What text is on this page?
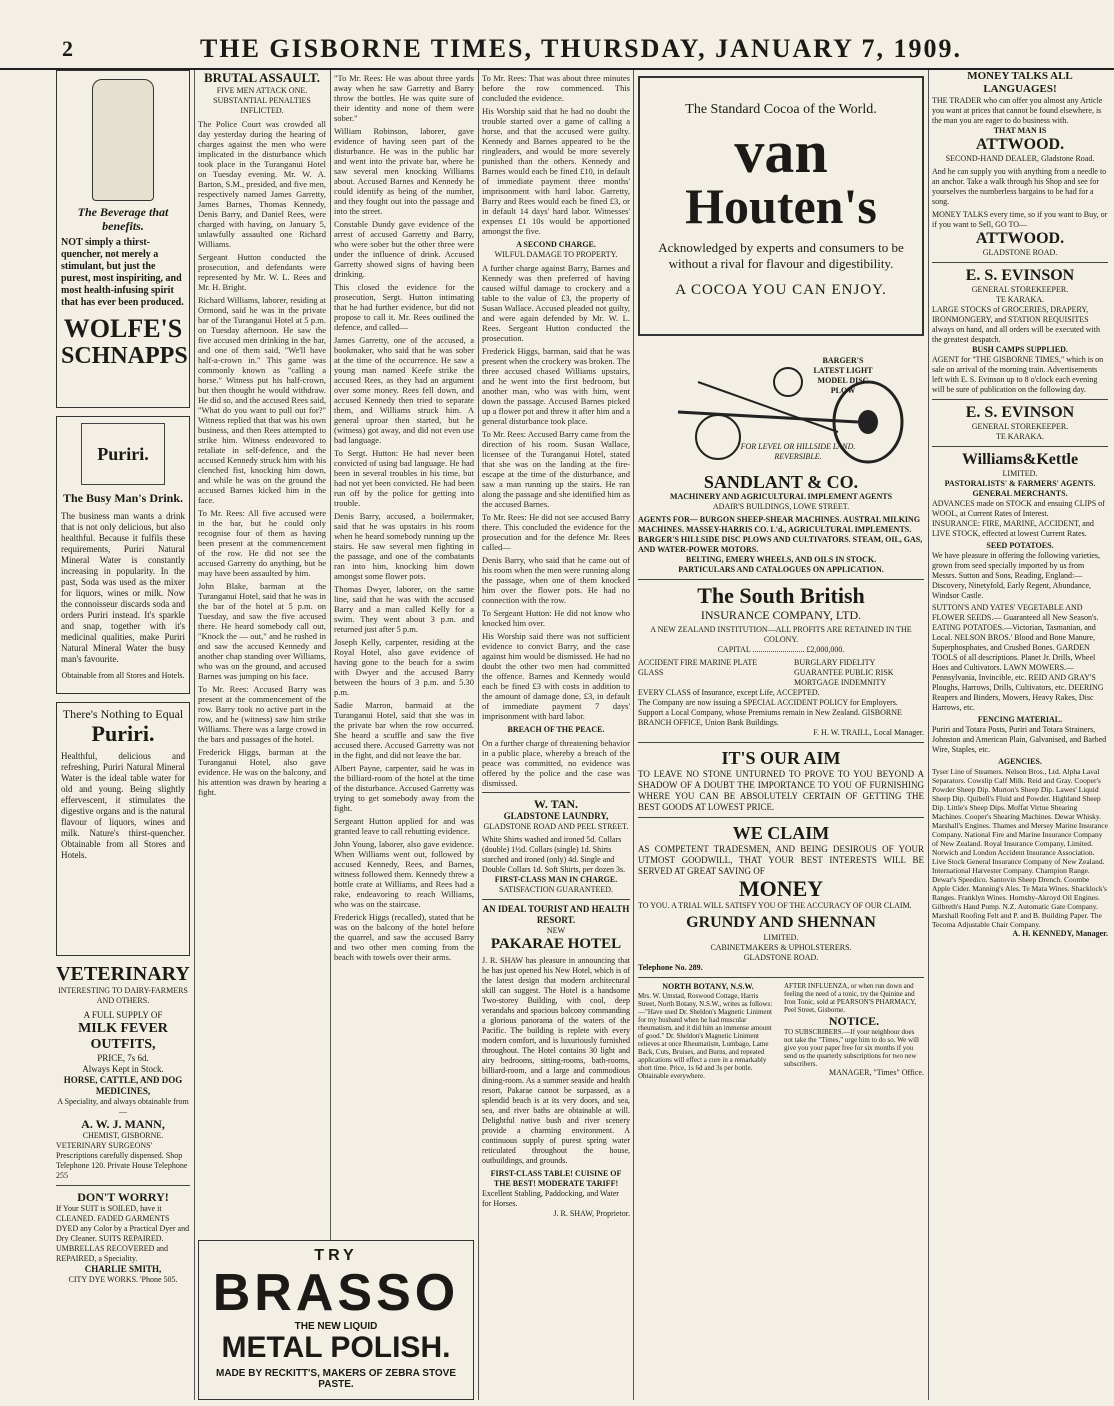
2	THE GISBORNE TIMES, THURSDAY, JANUARY 7, 1909.
The Beverage that benefits.
NOT simply a thirst-quencher, not merely a stimulant, but just the purest, most inspiriting, and most health-infusing spirit that has ever been produced.
WOLFE'S
SCHNAPPS
Puriri.
The Busy Man's Drink.
The business man wants a drink that is not only delicious, but also healthful. Because it fulfils these requirements, Puriri Natural Mineral Water is constantly increasing in popularity. In the past, Soda was used as the mixer for liquors, wines or milk. Now the connoisseur discards soda and orders Puriri instead. It's sparkle and snap, together with it's medicinal qualities, make Puriri Natural Mineral Water the busy man's favourite.
Obtainable from all Stores and Hotels.
There's Nothing to Equal
Puriri.
Healthful, delicious and refreshing, Puriri Natural Mineral Water is the ideal table water for old and young. Being slightly effervescent, it stimulates the digestive organs and is the natural flavour of liquors, wines and milk. Nature's thirst-quencher. Obtainable from all Stores and Hotels.
VETERINARY
INTERESTING TO DAIRY-FARMERS AND OTHERS.
A FULL SUPPLY OF
MILK FEVER OUTFITS,
PRICE, 7s 6d.
Always Kept in Stock.
HORSE, CATTLE, AND DOG MEDICINES,
A Speciality, and always obtainable from—
A. W. J. MANN,
CHEMIST, GISBORNE.
VETERINARY SURGEONS' Prescriptions carefully dispensed. Shop Telephone 120. Private House Telephone 255
DON'T WORRY!
If Your SUIT is SOILED, have it CLEANED. FADED GARMENTS DYED any Color by a Practical Dyer and Dry Cleaner. SUITS REPAIRED. UMBRELLAS RECOVERED and REPAIRED, a Speciality.
CHARLIE SMITH,
CITY DYE WORKS. 'Phone 505.
BRUTAL ASSAULT.
FIVE MEN ATTACK ONE.
SUBSTANTIAL PENALTIES INFLICTED.

The Police Court was crowded all day yesterday during the hearing of charges against the men who were implicated in the disturbance which took place in the Turanganui Hotel on Tuesday evening. Mr. W. A. Barton, S.M., presided, and five men, respectively named James Garretty, James Barnes, Thomas Kennedy, Denis Barry, and Daniel Rees, were charged with having, on January 5, unlawfully assaulted one Richard Williams.

Sergeant Hutton conducted the prosecution, and defendants were represented by Mr. W. L. Rees and Mr. H. Bright.

Richard Williams, laborer, residing at Ormond, said he was in the private bar of the Turanganui Hotel at 5 p.m. on Tuesday afternoon. He saw the five accused men drinking in the bar, and one of them said, "We'll have half-a-crown in." This game was commonly known as "calling a horse." Witness put his half-crown, but then thought he would withdraw. He did so, and the accused Rees said, "What do you want to pull out for?" Witness replied that that was his own business, and then Rees attempted to strike him. Witness endeavored to retaliate in self-defence, and the accused Kennedy struck him with his clenched fist, knocking him down, and while he was on the ground the accused Barnes kicked him in the face.

To Mr. Rees: All five accused were in the bar, but he could only recognise four of them as having been present at the commencement of the row. He did not see the accused Garretty do anything, but he may have been assaulted by him.

John Blake, barman at the Turanganui Hotel, said that he was in the bar of the hotel at 5 p.m. on Tuesday, and saw the five accused there. He heard somebody call out, "Knock the — out," and he rushed in and saw the accused Kennedy and another chap standing over Williams, who was on the ground, and accused Barnes was jumping on his face.

To Mr. Rees: Accused Barry was present at the commencement of the row. Barry took no active part in the row, and he (witness) saw him strike Williams. There was a large crowd in the bars and passages of the hotel.

Frederick Higgs, barman at the Turanganui Hotel, also gave evidence. He was on the balcony, and his attention was drawn by hearing a fight.

"To Mr. Rees: He was about three yards away when he saw Garretty and Barry throw the bottles. He was quite sure of their identity and none of them were sober."

William Robinson, laborer, gave evidence of having seen part of the disturbance. He was in the public bar and went into the private bar, where he saw several men knocking Williams about. Accused Barnes and Kennedy he could identify as being of the number, and they fought out into the passage and into the street.

Constable Dundy gave evidence of the arrest of accused Garretty and Barry, who were sober but the other three were under the influence of drink. Accused Garretty showed signs of having been drinking.

This closed the evidence for the prosecution, Sergt. Hutton intimating that he had further evidence, but did not propose to call it. Mr. Rees outlined the defence, and called—

James Garretty, one of the accused, a bookmaker, who said that he was sober at the time of the occurrence. He saw a young man named Keefe strike the accused Rees, as they had an argument over some money. Rees fell down, and accused Kennedy then tried to separate them, and Williams struck him. A general uproar then started, but he (witness) got away, and did not even use bad language.

To Sergt. Hutton: He had never been convicted of using bad language. He had been in several troubles in his time, but had not yet been convicted. He had been run off by the police for getting into trouble.

Denis Barry, accused, a boilermaker, said that he was upstairs in his room when he heard somebody running up the stairs. He saw several men fighting in the passage, and one of the combatants ran into him, knocking him down amongst some flower pots.

Thomas Dwyer, laborer, on the same line, said that he was with the accused Barry and a man called Kelly for a swim. They went about 3 p.m. and returned just after 5 p.m.

Joseph Kelly, carpenter, residing at the Royal Hotel, also gave evidence of having gone to the beach for a swim with Dwyer and the accused Barry between the hours of 3 p.m. and 5.30 p.m.

Sadie Marron, barmaid at the Turanganui Hotel, said that she was in the private bar when the row occurred. She heard a scuffle and saw the five accused there. Accused Garretty was not in the fight, and did not leave the bar.

Albert Payne, carpenter, said he was in the billiard-room of the hotel at the time of the disturbance. Accused Garretty was trying to get somebody away from the fight.

Sergeant Hutton applied for and was granted leave to call rebutting evidence.

John Young, laborer, also gave evidence. When Williams went out, followed by accused Kennedy, Rees, and Barnes, witness followed them. Kennedy threw a bottle crate at Williams, and Rees had a rake, endeavoring to reach Williams, who was on the staircase.

Frederick Higgs (recalled), stated that he was on the balcony of the hotel before the quarrel, and saw the accused Barry and two other men coming from the beach with towels over their arms.

TRY
BRASSO
THE NEW LIQUID
METAL POLISH.
MADE BY RECKITT'S, MAKERS OF ZEBRA STOVE PASTE.

To Mr. Rees: That was about three minutes before the row commenced. This concluded the evidence.

His Worship said that he had no doubt the trouble started over a game of calling a horse, and that the accused were guilty. Kennedy and Barnes appeared to be the ringleaders, and would be more severely punished than the others. Kennedy and Barnes would each be fined £10, in default of immediate payment three months' imprisonment with hard labor. Garretty, Barry and Rees would each be fined £3, or in default 14 days' hard labor. Witnesses' expenses £1 10s would be apportioned amongst the five.

A SECOND CHARGE.
WILFUL DAMAGE TO PROPERTY.

A further charge against Barry, Barnes and Kennedy was then preferred of having caused wilful damage to crockery and a table to the value of £3, the property of Susan Wallace. Accused pleaded not guilty, and were again defended by Mr. W. L. Rees. Sergeant Hutton conducted the prosecution.

Frederick Higgs, barman, said that he was present when the crockery was broken. The three accused chased Williams upstairs, and he went into the first bedroom, but another man, who was with him, went down the passage. Accused Barnes picked up a flower pot and threw it after him and a general disturbance took place.

To Mr. Rees: Accused Barry came from the direction of his room. Susan Wallace, licensee of the Turanganui Hotel, stated that she was on the landing at the fire-escape at the time of the disturbance, and saw a man running up the stairs. He ran along the passage and she identified him as the accused Barnes.

To Mr. Rees: He did not see accused Barry there. This concluded the evidence for the prosecution and for the defence Mr. Rees called—

Denis Barry, who said that he came out of his room when the men were running along the passage, when one of them knocked him over the flower pots. He had no connection with the row.

To Sergeant Hutton: He did not know who knocked him over.

His Worship said there was not sufficient evidence to convict Barry, and the case against him would be dismissed. He had no doubt the other two men had committed the offence. Barnes and Kennedy would each be fined £3 with costs in addition to the amount of damage done, £3, in default of immediate payment 7 days' imprisonment with hard labor.

BREACH OF THE PEACE.

On a further charge of threatening behavior in a public place, whereby a breach of the peace was committed, no evidence was offered by the police and the case was dismissed.

W. TAN.
GLADSTONE LAUNDRY,
GLADSTONE ROAD AND PEEL STREET.
White Shirts washed and ironed 5d. Collars (double) 1½d. Collars (single) 1d. Shirts starched and ironed (only) 4d. Single and Double Collars 1d. Soft Shirts, per dozen 3s.
FIRST-CLASS MAN IN CHARGE.
SATISFACTION GUARANTEED.
AN IDEAL TOURIST AND HEALTH RESORT.
NEW
PAKARAE HOTEL
J. R. SHAW has pleasure in announcing that he has just opened his New Hotel, which is of the latest design that modern architectural skill can suggest. The Hotel is a handsome Two-storey Building, with cool, deep verandahs and spacious balcony commanding a glorious panorama of the waters of the Pacific. The building is replete with every modern comfort, and is luxuriously furnished throughout. The Hotel contains 30 light and airy bedrooms, sitting-rooms, bath-rooms, billiard-room, and a large and commodious dining-room. As a summer seaside and health resort, Pakarae cannot be surpassed, as a splendid beach is at its very doors, and sea, sea, and river baths are obtainable at will. Delightful native bush and river scenery provide a charming environment. A continuous supply of purest spring water reticulated throughout the house, outbuildings, and grounds.
FIRST-CLASS TABLE! CUISINE OF THE BEST! MODERATE TARIFF!
Excellent Stabling, Paddocking, and Water for Horses.
J. R. SHAW, Proprietor.
The Standard Cocoa of the World.
van
Houten's
Acknowledged by experts and consumers to be without a rival for flavour and digestibility.
A COCOA YOU CAN ENJOY.
BARGER'S LATEST LIGHT MODEL DISC PLOW
FOR LEVEL OR HILLSIDE LAND. REVERSIBLE.
SANDLANT & CO.
MACHINERY AND AGRICULTURAL IMPLEMENT AGENTS
ADAIR'S BUILDINGS, LOWE STREET.
AGENTS FOR— BURGON SHEEP-SHEAR MACHINES. AUSTRAL MILKING MACHINES. MASSEY-HARRIS CO. L'd., AGRICULTURAL IMPLEMENTS. BARGER'S HILLSIDE DISC PLOWS AND CULTIVATORS. STEAM, OIL, GAS, AND WATER-POWER MOTORS.
BELTING, EMERY WHEELS, AND OILS IN STOCK.
PARTICULARS AND CATALOGUES ON APPLICATION.
The South British
INSURANCE COMPANY, LTD.
A NEW ZEALAND INSTITUTION—ALL PROFITS ARE RETAINED IN THE COLONY.
CAPITAL .......................... £2,000,000.
ACCIDENT FIRE MARINE PLATE GLASS
BURGLARY FIDELITY GUARANTEE PUBLIC RISK MORTGAGE INDEMNITY
EVERY CLASS of Insurance, except Life, ACCEPTED.
The Company are now issuing a SPECIAL ACCIDENT POLICY for Employers. Support a Local Company, whose Premiums remain in New Zealand. GISBORNE BRANCH OFFICE, Union Bank Buildings.
F. H. W. TRAILL, Local Manager.
IT'S OUR AIM
TO LEAVE NO STONE UNTURNED TO PROVE TO YOU BEYOND A SHADOW OF A DOUBT THE IMPORTANCE TO YOU OF FURNISHING WHERE YOU CAN BE ABSOLUTELY CERTAIN OF GETTING THE BEST GOODS AT LOWEST PRICE.
WE CLAIM
AS COMPETENT TRADESMEN, AND BEING DESIROUS OF YOUR UTMOST GOODWILL, THAT YOUR BEST INTERESTS WILL BE SERVED AT GREAT SAVING OF
MONEY
TO YOU. A TRIAL WILL SATISFY YOU OF THE ACCURACY OF OUR CLAIM.
GRUNDY AND SHENNAN
LIMITED.
CABINETMAKERS & UPHOLSTERERS.
GLADSTONE ROAD.
Telephone No. 289.
NORTH BOTANY, N.S.W.
Mrs. W. Umstad, Roswood Cottage, Harris Street, North Botany, N.S.W., writes as follows:—"Have used Dr. Sheldon's Magnetic Liniment for my husband when he had muscular rheumatism, and it did him an immense amount of good." Dr. Sheldon's Magnetic Liniment relieves at once Rheumatism, Lumbago, Lame Back, Cuts, Bruises, and Burns, and repeated applications will effect a cure in a remarkably short time. Price, 1s 6d and 3s per bottle. Obtainable everywhere.
AFTER INFLUENZA, or when run down and feeling the need of a tonic, try the Quinine and Iron Tonic, sold at PEARSON'S PHARMACY, Peel Street, Gisborne.
NOTICE.
TO SUBSCRIBERS.—If your neighbour does not take the "Times," urge him to do so. We will give you your paper free for six months if you send us the quarterly subscriptions for two new subscribers.
MANAGER, "Times" Office.
MONEY TALKS ALL LANGUAGES!
THE TRADER who can offer you almost any Article you want at prices that cannot be found elsewhere, is the man you are eager to do business with.
THAT MAN IS
ATTWOOD.
SECOND-HAND DEALER, Gladstone Road.
And he can supply you with anything from a needle to an anchor. Take a walk through his Shop and see for yourselves the numberless bargains to be had for a song.
MONEY TALKS every time, so if you want to Buy, or if you want to Sell, GO TO—
ATTWOOD.
GLADSTONE ROAD.
E. S. EVINSON
GENERAL STOREKEEPER.
TE KARAKA.
LARGE STOCKS of GROCERIES, DRAPERY, IRONMONGERY, and STATION REQUISITES always on hand, and all orders will be executed with the greatest despatch.
BUSH CAMPS SUPPLIED.
AGENT for "THE GISBORNE TIMES," which is on sale on arrival of the morning train. Advertisements left with E. S. Evinson up to 8 o'clock each evening will be sure of publication on the following day.
E. S. EVINSON
GENERAL STOREKEEPER.
TE KARAKA.
Williams&Kettle
LIMITED.
PASTORALISTS' & FARMERS' AGENTS.
GENERAL MERCHANTS.
ADVANCES made on STOCK and ensuing CLIPS of WOOL, at Current Rates of Interest.
INSURANCE: FIRE, MARINE, ACCIDENT, and LIVE STOCK, effected at lowest Current Rates.
SEED POTATOES.
We have pleasure in offering the following varieties, grown from seed specially imported by us from Messrs. Sutton and Sons, Reading, England:— Discovery, Ninetyfold, Early Regent, Abundance, Windsor Castle.
SUTTON'S AND YATES' VEGETABLE AND FLOWER SEEDS.— Guaranteed all New Season's. EATING POTATOES.—Victorian, Tasmanian, and Local. NELSON BROS.' Blood and Bone Manure, Superphosphates, and Crushed Bones. GARDEN TOOLS of all descriptions. Planet Jr. Drills, Wheel Hoes and Cultivators. LAWN MOWERS.—Pennsylvania, Invincible, etc. REID AND GRAY'S Ploughs, Harrows, Drills, Cultivators, etc. DEERING Reapers and Binders, Mowers, Heavy Rakes, Disc Harrows, etc.
FENCING MATERIAL.
Puriri and Totara Posts, Puriri and Totara Strainers, Johnston and American Plain, Galvanised, and Barbed Wire, Staples, etc.
AGENCIES.
Tyser Line of Steamers. Nelson Bros., Ltd. Alpha Laval Separators. Cowslip Calf Milk. Reid and Gray. Cooper's Powder Sheep Dip. Murton's Sheep Dip. Lawes' Liquid Sheep Dip. Quibell's Fluid and Powder. Highland Sheep Dip. Little's Sheep Dips. Moffat Virtue Shearing Machines. Cooper's Shearing Machines. Dewar Whisky. Marshall's Engines. Thames and Mersey Marine Insurance Company. National Fire and Marine Insurance Company of New Zealand. Royal Insurance Company, Limited. Norwich and London Accident Insurance Association. Live Stock General Insurance Company of New Zealand. International Harvester Company. Champion Range. Dewar's Speedico. Santovin Sheep Drench. Coombe Apple Cider. Manning's Ales. Te Mata Wines. Shacklock's Ranges. Franklyn Wines. Hornsby-Akroyd Oil Engines. Gilbreth's Hand Pump. N.Z. Automatic Gate Company. Marshall Roofing Felt and P. and B. Building Paper. The Tecoma Adjustable Chair Company.
A. H. KENNEDY, Manager.
